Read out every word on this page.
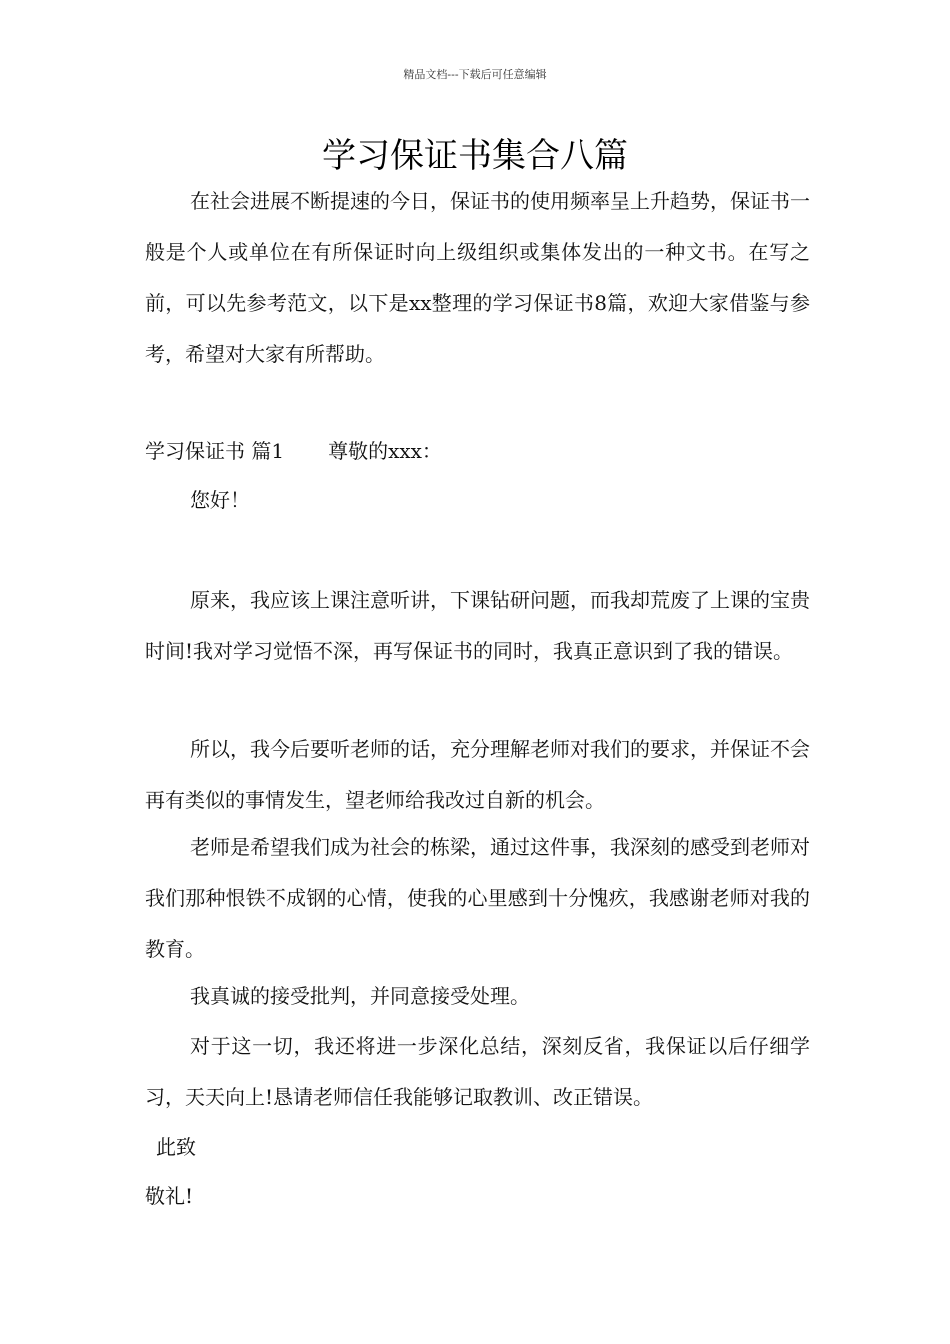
精品文档---下载后可任意编辑
学习保证书集合八篇
在社会进展不断提速的今日，保证书的使用频率呈上升趋势，保证书一般是个人或单位在有所保证时向上级组织或集体发出的一种文书。在写之前，可以先参考范文，以下是xx整理的学习保证书8篇，欢迎大家借鉴与参考，希望对大家有所帮助。
学习保证书 篇1 尊敬的xxx：
您好！
原来，我应该上课注意听讲，下课钻研问题，而我却荒废了上课的宝贵时间!我对学习觉悟不深，再写保证书的同时，我真正意识到了我的错误。
所以，我今后要听老师的话，充分理解老师对我们的要求，并保证不会再有类似的事情发生，望老师给我改过自新的机会。
老师是希望我们成为社会的栋梁，通过这件事，我深刻的感受到老师对我们那种恨铁不成钢的心情，使我的心里感到十分愧疚，我感谢老师对我的教育。
我真诚的接受批判，并同意接受处理。
对于这一切，我还将进一步深化总结，深刻反省，我保证以后仔细学习，天天向上!恳请老师信任我能够记取教训、改正错误。
此致
敬礼!
